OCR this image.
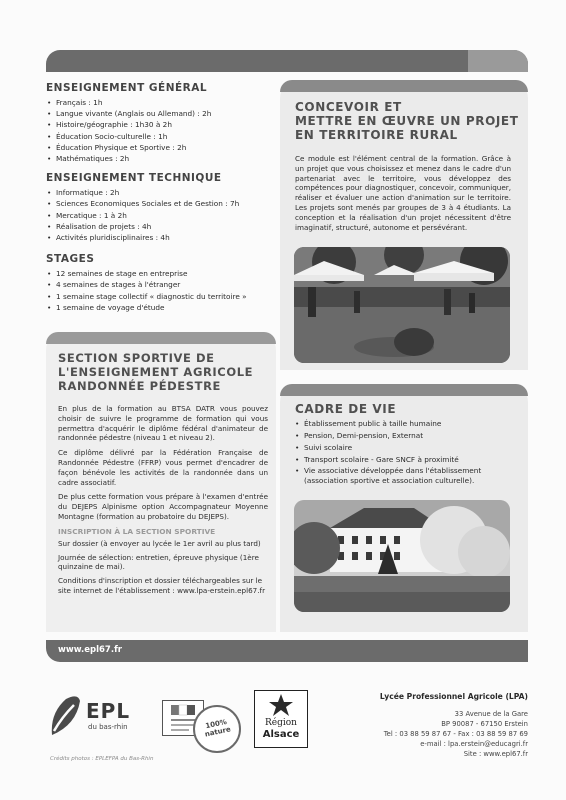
ENSEIGNEMENT GÉNÉRAL
• Français : 1h
• Langue vivante (Anglais ou Allemand) : 2h
• Histoire/géographie : 1h30 à 2h
• Éducation Socio-culturelle : 1h
• Éducation Physique et Sportive : 2h
• Mathématiques : 2h
ENSEIGNEMENT TECHNIQUE
• Informatique : 2h
• Sciences Economiques Sociales et de Gestion : 7h
• Mercatique : 1 à 2h
• Réalisation de projets : 4h
• Activités pluridisciplinaires : 4h
STAGES
• 12 semaines de stage en entreprise
• 4 semaines de stages à l'étranger
• 1 semaine stage collectif « diagnostic du territoire »
• 1 semaine de voyage d'étude
CONCEVOIR ET
METTRE EN ŒUVRE UN PROJET
EN TERRITOIRE RURAL
Ce module est l'élément central de la formation. Grâce à un projet que vous choisissez et menez dans le cadre d'un partenariat avec le territoire, vous développez des compétences pour diagnostiquer, concevoir, communiquer, réaliser et évaluer une action d'animation sur le territoire. Les projets sont menés par groupes de 3 à 4 étudiants. La conception et la réalisation d'un projet nécessitent d'être imaginatif, structuré, autonome et persévérant.
SECTION SPORTIVE DE
L'ENSEIGNEMENT AGRICOLE
RANDONNÉE PÉDESTRE

En plus de la formation au BTSA DATR vous pouvez choisir de suivre le programme de formation qui vous permettra d'acquérir le diplôme fédéral d'animateur de randonnée pédestre (niveau 1 et niveau 2).

Ce diplôme délivré par la Fédération Française de Randonnée Pédestre (FFRP) vous permet d'encadrer de façon bénévole les activités de la randonnée dans un cadre associatif.

De plus cette formation vous prépare à l'examen d'entrée du DEJEPS Alpinisme option Accompagnateur Moyenne Montagne (formation au probatoire du DEJEPS).

INSCRIPTION À LA SECTION SPORTIVE

Sur dossier (à envoyer au lycée le 1er avril au plus tard)

Journée de sélection: entretien, épreuve physique (1ère quinzaine de mai).

Conditions d'inscription et dossier téléchargeables sur le site internet de l'établissement : www.lpa-erstein.epl67.fr

CADRE DE VIE
• Établissement public à taille humaine
• Pension, Demi-pension, Externat
• Suivi scolaire
• Transport scolaire - Gare SNCF à proximité
• Vie associative développée dans l'établissement (association sportive et association culturelle).
www.epl67.fr
EPL
du bas-rhin	100% nature
Région
Alsace
Lycée Professionnel Agricole (LPA)
33 Avenue de la Gare
BP 90087 - 67150 Erstein
Tel : 03 88 59 87 67 - Fax : 03 88 59 87 69
e-mail : lpa.erstein@educagri.fr
Site : www.epl67.fr
Crédits photos : EPLEFPA du Bas-Rhin
